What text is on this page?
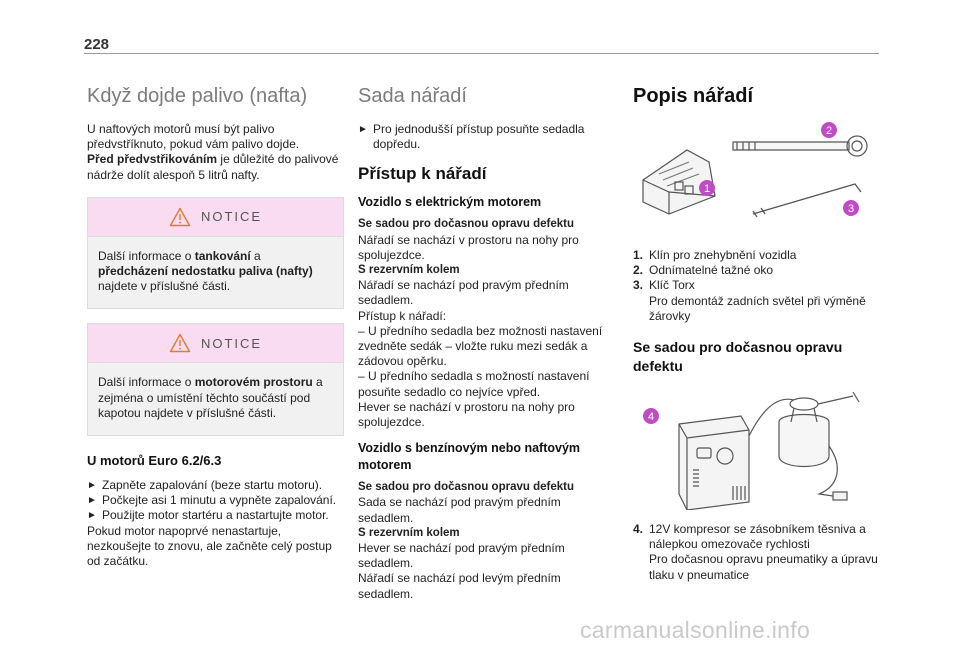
228
Když dojde palivo (nafta)

U naftových motorů musí být palivo předvstříknuto, pokud vám palivo dojde.
Před předvstřikováním je důležité do palivové nádrže dolít alespoň 5 litrů nafty.

NOTICE
Další informace o tankování a předcházení nedostatku paliva (nafty) najdete v příslušné části.
NOTICE
Další informace o motorovém prostoru a zejména o umístění těchto součástí pod kapotou najdete v příslušné části.
U motorů Euro 6.2/6.3
► Zapněte zapalování (beze startu motoru).
► Počkejte asi 1 minutu a vypněte zapalování.
► Použijte motor startéru a nastartujte motor.

Pokud motor napoprvé nenastartuje, nezkoušejte to znovu, ale začněte celý postup od začátku.

Sada nářadí
► Pro jednodušší přístup posuňte sedadla dopředu.
Přístup k nářadí
Vozidlo s elektrickým motorem

Se sadou pro dočasnou opravu defektu

Nářadí se nachází v prostoru na nohy pro spolujezdce.

S rezervním kolem

Nářadí se nachází pod pravým předním sedadlem.

Přístup k nářadí:

– U předního sedadla bez možnosti nastavení zvedněte sedák – vložte ruku mezi sedák a zádovou opěrku.

– U předního sedadla s možností nastavení posuňte sedadlo co nejvíce vpřed.

Hever se nachází v prostoru na nohy pro spolujezdce.

Vozidlo s benzínovým nebo naftovým motorem

Se sadou pro dočasnou opravu defektu

Sada se nachází pod pravým předním sedadlem.

S rezervním kolem

Hever se nachází pod pravým předním sedadlem.

Nářadí se nachází pod levým předním sedadlem.

Popis nářadí
1
2
3
1. Klín pro znehybnění vozidla
2. Odnímatelné tažné oko
3. Klíč Torx
Pro demontáž zadních světel při výměně žárovky
Se sadou pro dočasnou opravu defektu
4
4. 12V kompresor se zásobníkem těsniva a nálepkou omezovače rychlosti
Pro dočasnou opravu pneumatiky a úpravu tlaku v pneumatice
carmanualsonline.info
